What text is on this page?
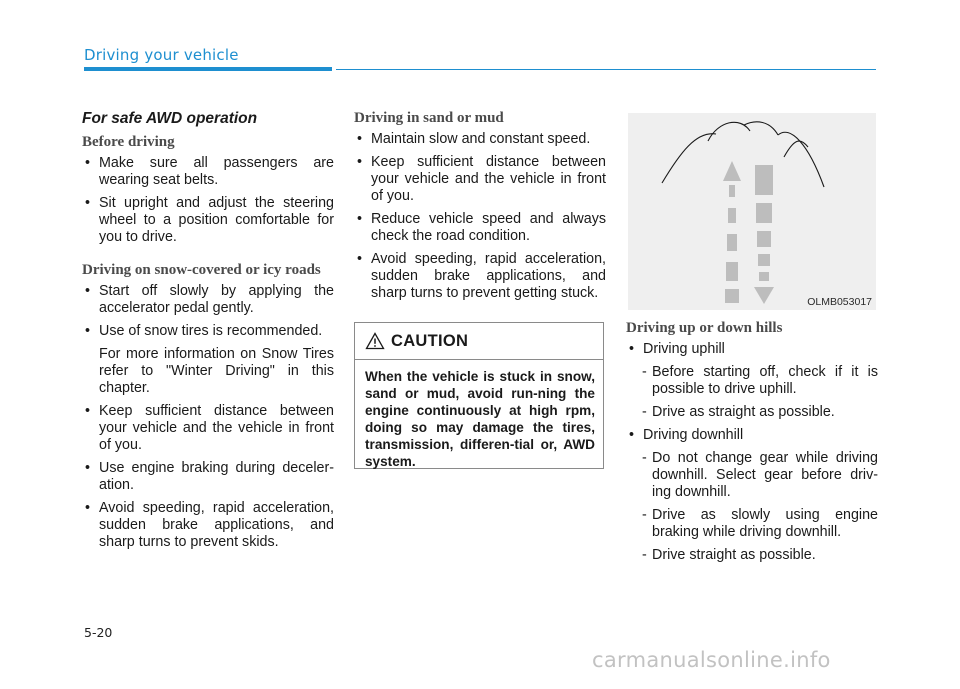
Driving your vehicle
For safe AWD operation
Before driving
• Make sure all passengers are wearing seat belts.
• Sit upright and adjust the steering wheel to a position comfortable for you to drive.
Driving on snow-covered or icy roads
• Start off slowly by applying the accelerator pedal gently.
• Use of snow tires is recommended.
For more information on Snow Tires refer to "Winter Driving" in this chapter.
• Keep sufficient distance between your vehicle and the vehicle in front of you.
• Use engine braking during deceler-ation.
• Avoid speeding, rapid acceleration, sudden brake applications, and sharp turns to prevent skids.
Driving in sand or mud
• Maintain slow and constant speed.
• Keep sufficient distance between your vehicle and the vehicle in front of you.
• Reduce vehicle speed and always check the road condition.
• Avoid speeding, rapid acceleration, sudden brake applications, and sharp turns to prevent getting stuck.
CAUTION
When the vehicle is stuck in snow, sand or mud, avoid run-ning the engine continuously at high rpm, doing so may damage the tires, transmission, differen-tial or, AWD system.
OLMB053017
Driving up or down hills
• Driving uphill
- Before starting off, check if it is possible to drive uphill.
- Drive as straight as possible.
• Driving downhill
- Do not change gear while driving downhill. Select gear before driv-ing downhill.
- Drive as slowly using engine braking while driving downhill.
- Drive straight as possible.
5-20
carmanualsonline.info
